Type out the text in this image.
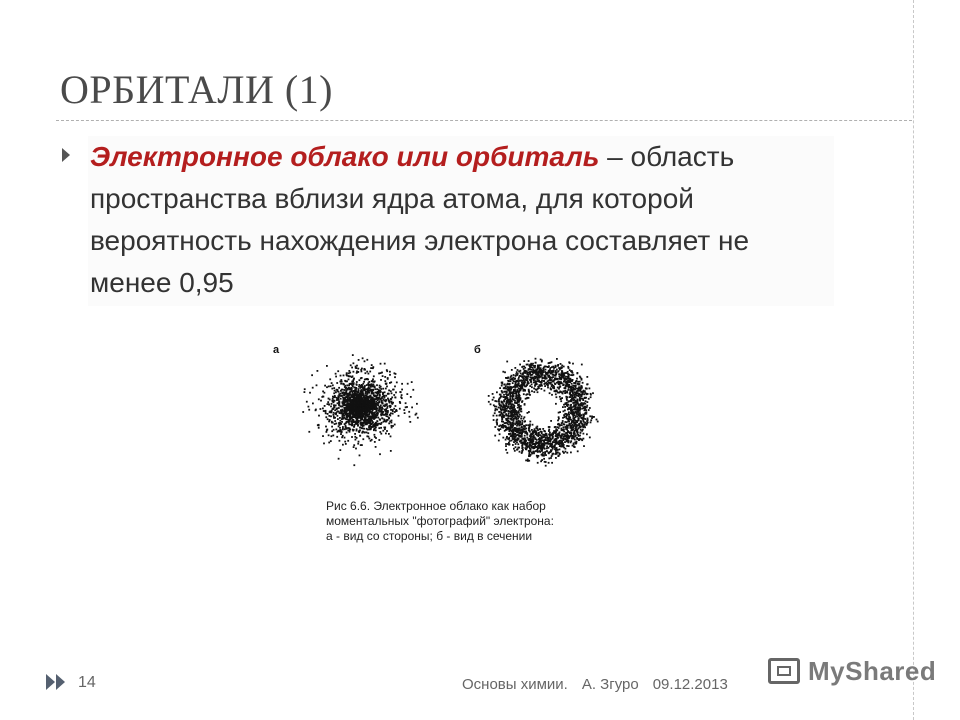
ОРБИТАЛИ (1)
Электронное облако или орбиталь – область пространства вблизи ядра атома, для которой вероятность нахождения электрона составляет не менее 0,95
а	б
Рис 6.6. Электронное облако как набор
моментальных "фотографий" электрона:
а - вид со стороны; б - вид в сечении
14	Основы химии. А. Згуро 09.12.2013	MyShared
